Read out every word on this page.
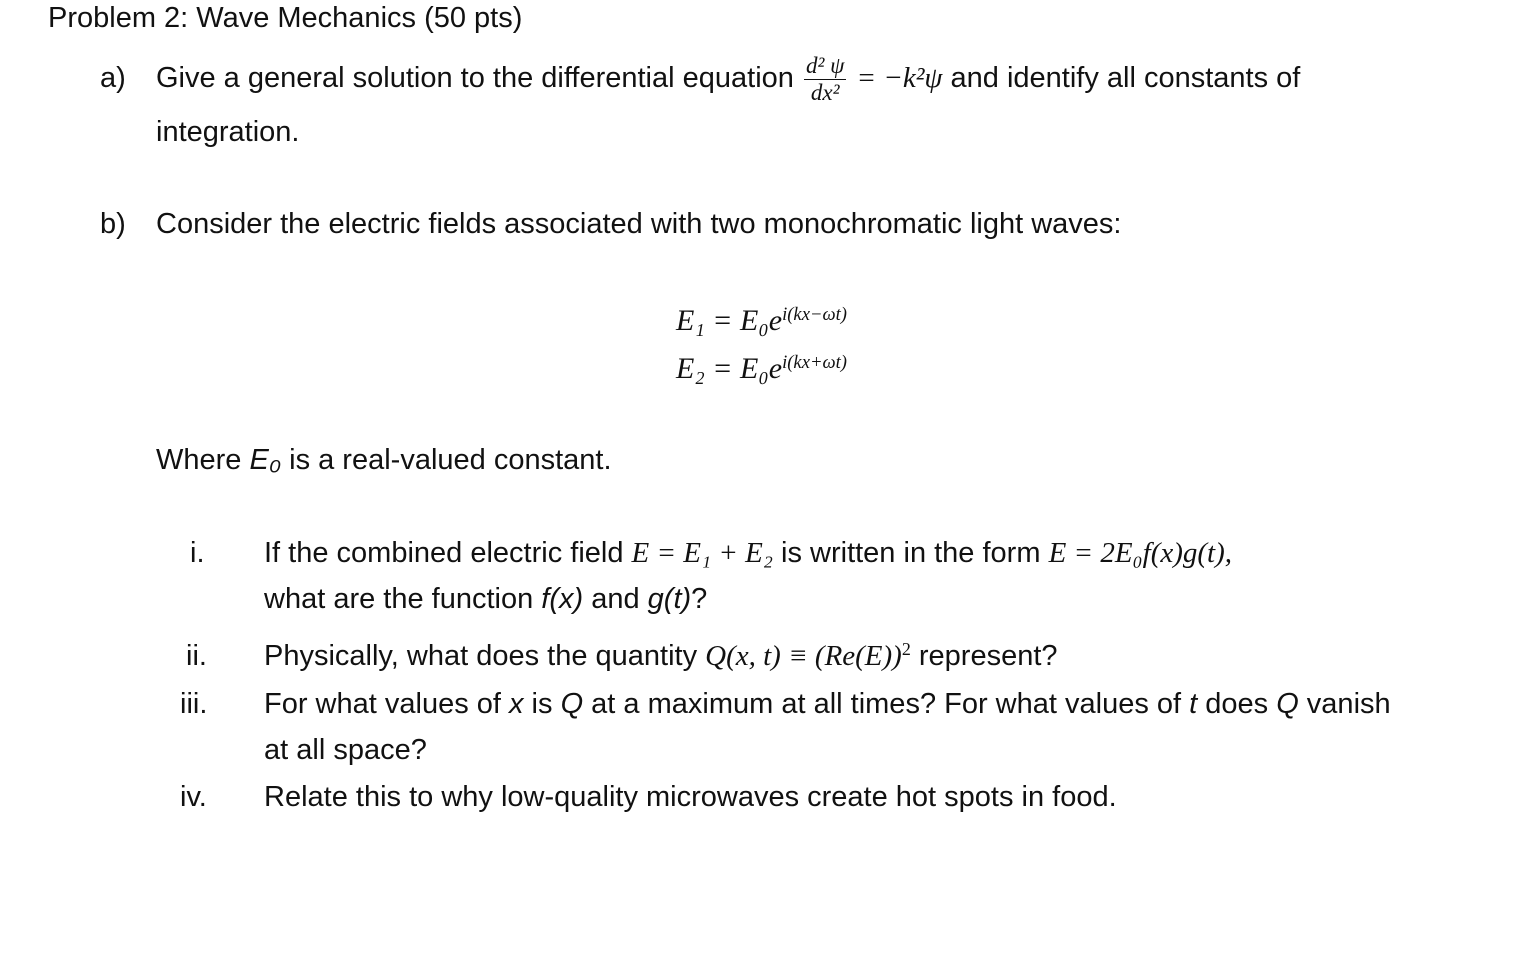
Problem 2: Wave Mechanics (50 pts)
a) Give a general solution to the differential equation $\frac{\text{d² ψ}}{\text{dx²}} = -k^2\psi$ and identify all constants of
integration.
b) Consider the electric fields associated with two monochromatic light waves:
$E_1 = E_0e^{i(kx-\omega t)}$
$E_2 = E_0e^{i(kx+\omega t)}$
Where E₀ is a real-valued constant.
i. If the combined electric field E = E₁ + E₂ is written in the form E = 2E₀f(x)g(t),
what are the function f(x) and g(t)?
ii. Physically, what does the quantity Q(x, $t) \equiv (Re(E))^2$ represent?
iii. For what values of x is Q at a maximum at all times? For what values of t does Q vanish
at all space?
iv. Relate this to why low-quality microwaves create hot spots in food.
